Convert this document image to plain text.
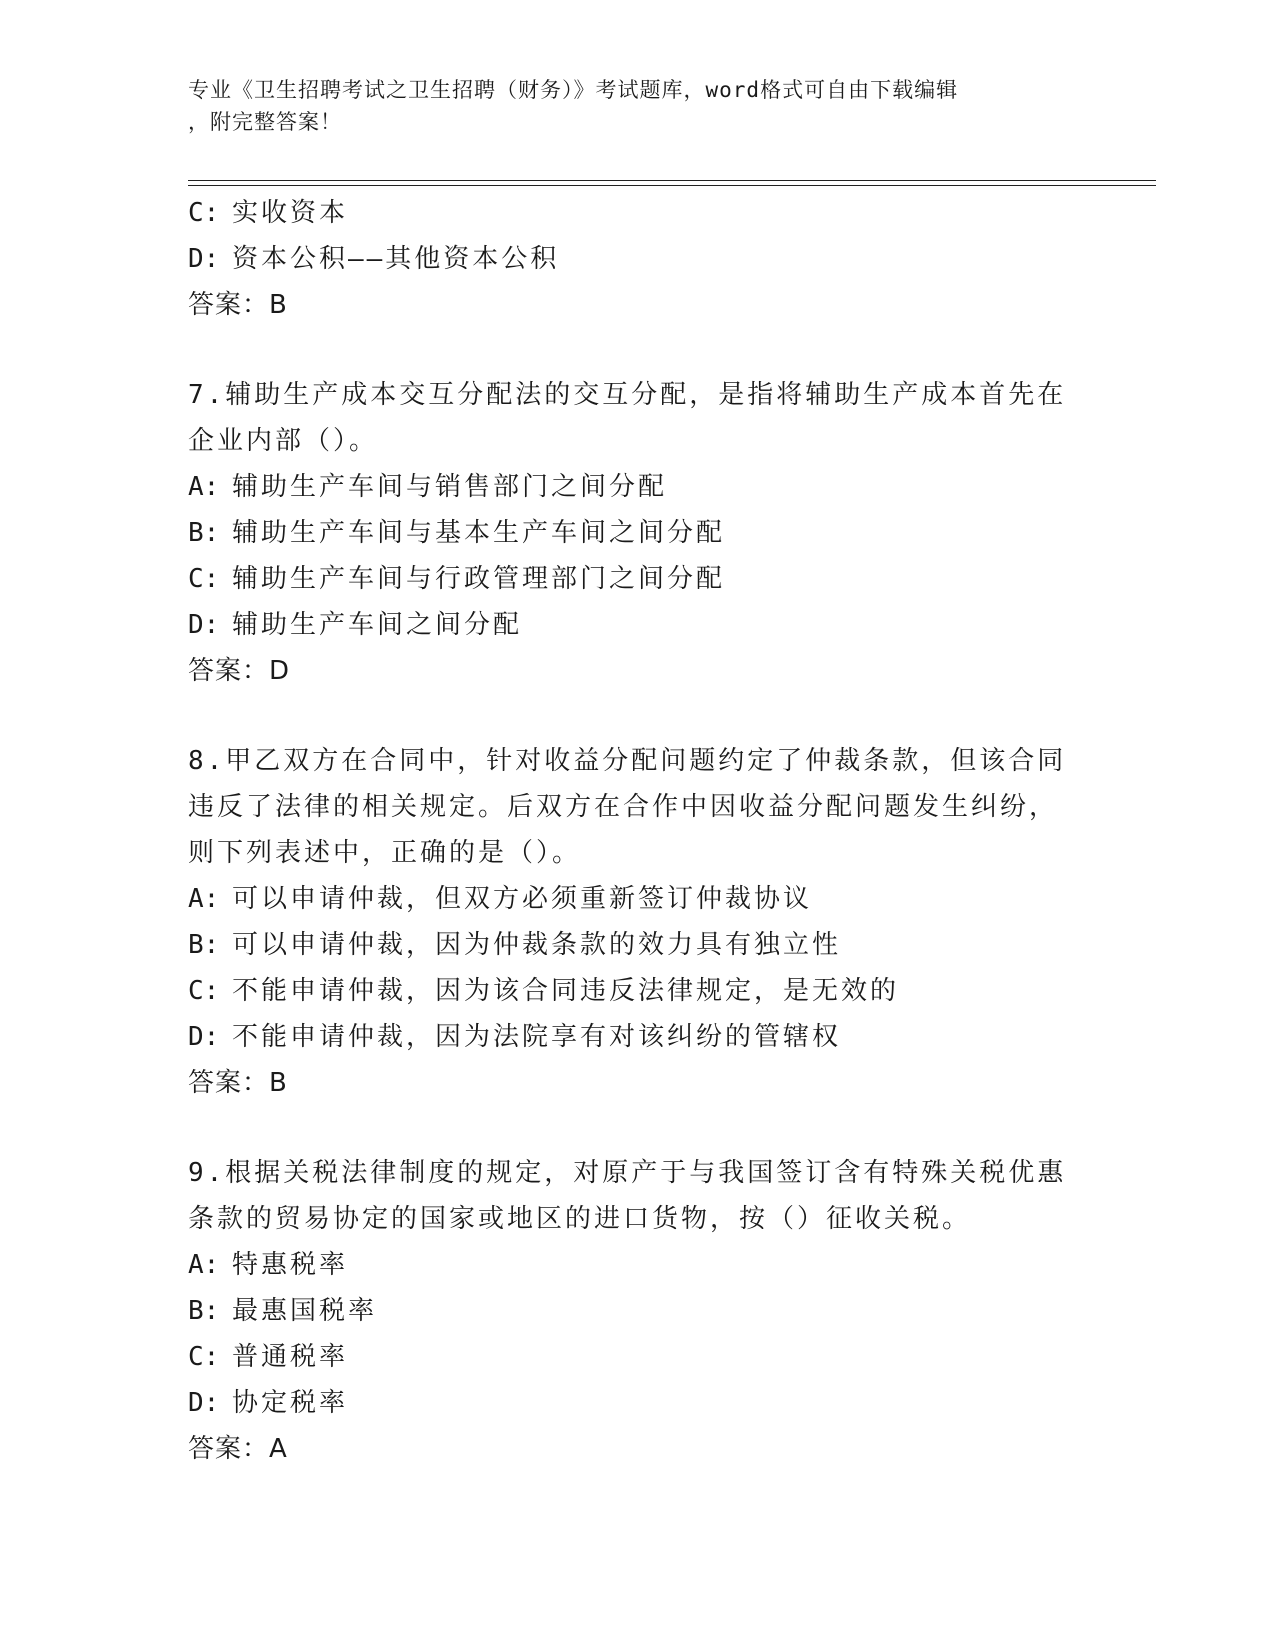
专业《卫生招聘考试之卫生招聘（财务）》考试题库，word格式可自由下载编辑
，附完整答案！
C: 实收资本
D: 资本公积——其他资本公积
答案：B
7.辅助生产成本交互分配法的交互分配，是指将辅助生产成本首先在
企业内部（）。
A: 辅助生产车间与销售部门之间分配
B: 辅助生产车间与基本生产车间之间分配
C: 辅助生产车间与行政管理部门之间分配
D: 辅助生产车间之间分配
答案：D
8.甲乙双方在合同中，针对收益分配问题约定了仲裁条款，但该合同
违反了法律的相关规定。后双方在合作中因收益分配问题发生纠纷，
则下列表述中，正确的是（）。
A: 可以申请仲裁，但双方必须重新签订仲裁协议
B: 可以申请仲裁，因为仲裁条款的效力具有独立性
C: 不能申请仲裁，因为该合同违反法律规定，是无效的
D: 不能申请仲裁，因为法院享有对该纠纷的管辖权
答案：B
9.根据关税法律制度的规定，对原产于与我国签订含有特殊关税优惠
条款的贸易协定的国家或地区的进口货物，按（）征收关税。
A: 特惠税率
B: 最惠国税率
C: 普通税率
D: 协定税率
答案：A
